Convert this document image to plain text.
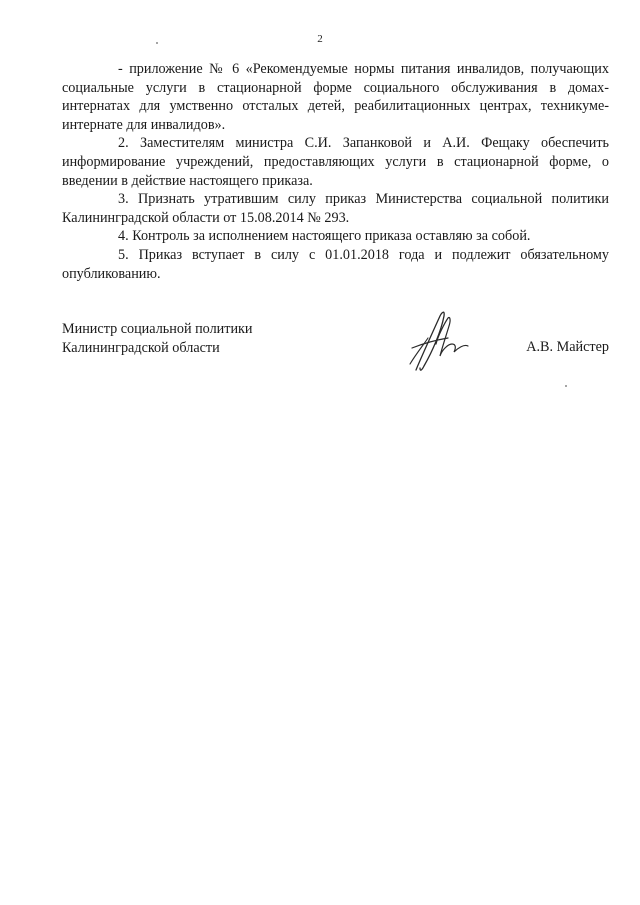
2

- приложение № 6 «Рекомендуемые нормы питания инвалидов, получающих социальные услуги в стационарной форме социального обслуживания в домах-интернатах для умственно отсталых детей, реабилитационных центрах, техникуме-интернате для инвалидов».

2. Заместителям министра С.И. Запанковой и А.И. Фещаку обеспечить информирование учреждений, предоставляющих услуги в стационарной форме, о введении в действие настоящего приказа.

3. Признать утратившим силу приказ Министерства социальной политики Калининградской области от 15.08.2014 № 293.

4. Контроль за исполнением настоящего приказа оставляю за собой.

5. Приказ вступает в силу с 01.01.2018 года и подлежит обязательному опубликованию.

Министр социальной политики
Калининградской области	А.В. Майстер
